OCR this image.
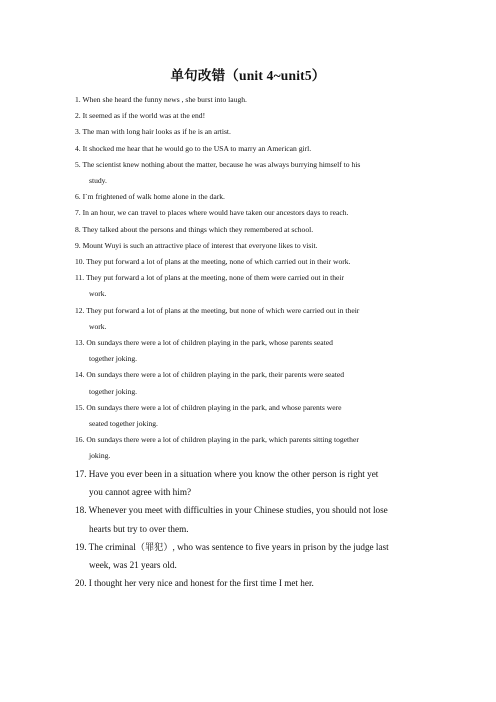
单句改错（unit 4~unit5）
1. When she heard the funny news , she burst into laugh.
2. It seemed as if the world was at the end!
3. The man with long hair looks as if he is an artist.
4. It shocked me hear that he would go to the USA to marry an American girl.
5. The scientist knew nothing about the matter, because he was always burrying himself to his
study.
6. I`m frightened of walk home alone in the dark.
7. In an hour, we can travel to places where would have taken our ancestors days to reach.
8. They talked about the persons and things which they remembered at school.
9. Mount Wuyi is such an attractive place of interest that everyone likes to visit.
10. They put forward a lot of plans at the meeting, none of which carried out in their work.
11. They put forward a lot of plans at the meeting, none of them were carried out in their
work.
12. They put forward a lot of plans at the meeting, but none of which were carried out in their
work.
13. On sundays there were a lot of children playing in the park, whose parents seated
together joking.
14. On sundays there were a lot of children playing in the park, their parents were seated
together joking.
15. On sundays there were a lot of children playing in the park, and whose parents were
seated together joking.
16. On sundays there were a lot of children playing in the park, which parents sitting together
joking.
17. Have you ever been in a situation where you know the other person is right yet
you cannot agree with him?
18. Whenever you meet with difficulties in your Chinese studies, you should not lose
hearts but try to over them.
19. The criminal（罪犯）, who was sentence to five years in prison by the judge last
week, was 21 years old.
20. I thought her very nice and honest for the first time I met her.
